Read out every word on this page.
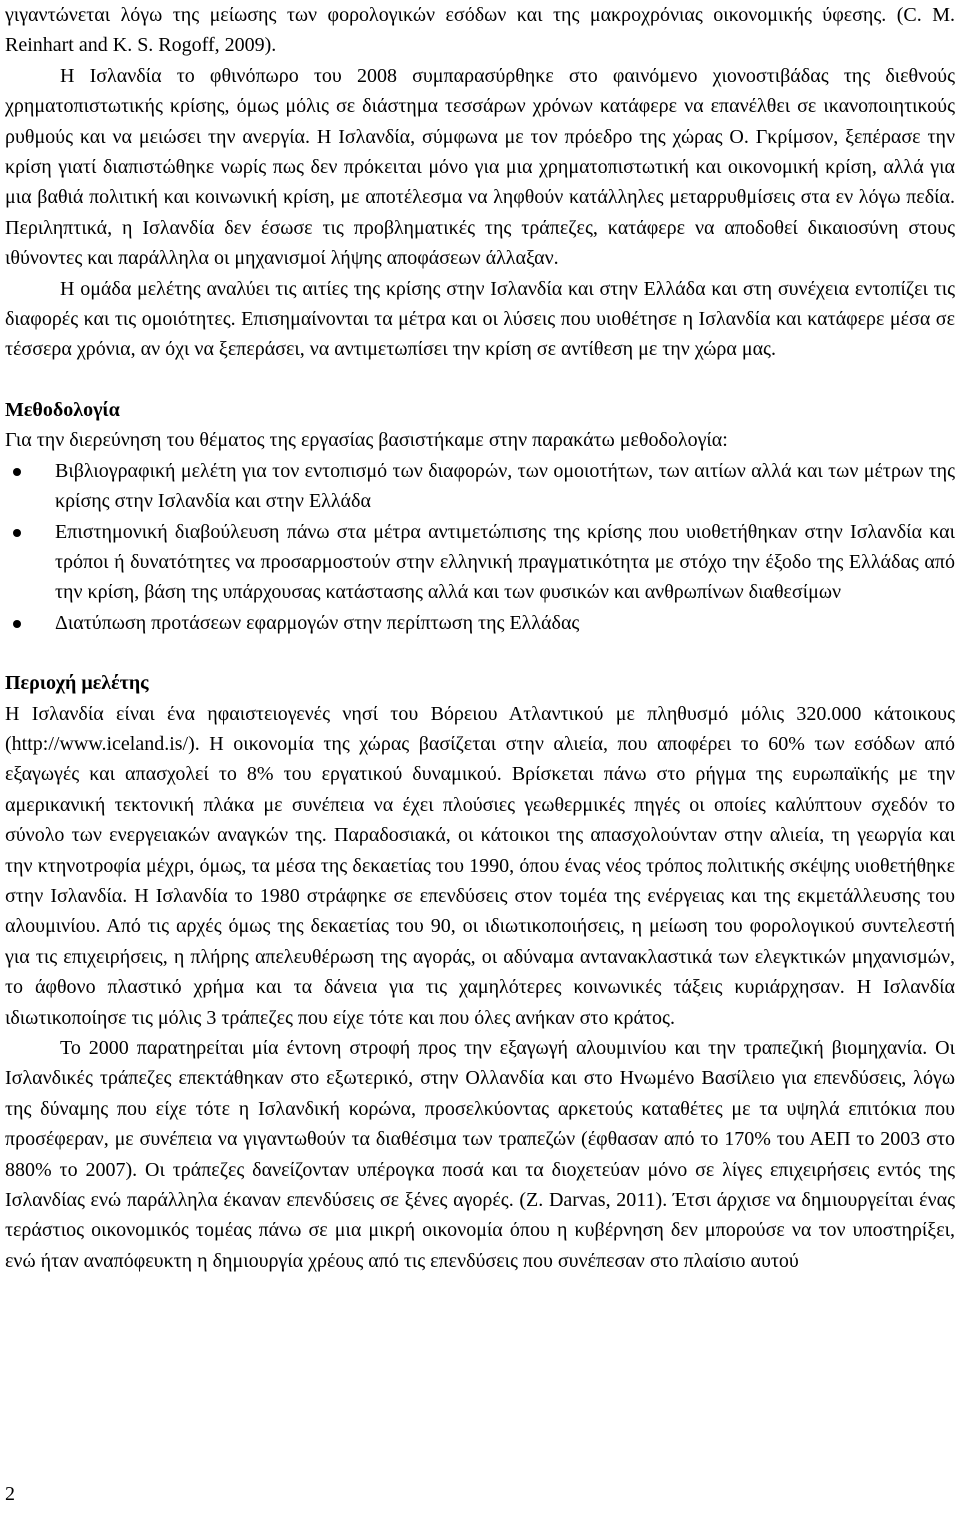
γιγαντώνεται λόγω της μείωσης των φορολογικών εσόδων και της μακροχρόνιας οικονομικής ύφεσης. (C. M. Reinhart and K. S. Rogoff, 2009).

Η Ισλανδία το φθινόπωρο του 2008 συμπαρασύρθηκε στο φαινόμενο χιονοστιβάδας της διεθνούς χρηματοπιστωτικής κρίσης, όμως μόλις σε διάστημα τεσσάρων χρόνων κατάφερε να επανέλθει σε ικανοποιητικούς ρυθμούς και να μειώσει την ανεργία. Η Ισλανδία, σύμφωνα με τον πρόεδρο της χώρας Ο. Γκρίμσον, ξεπέρασε την κρίση γιατί διαπιστώθηκε νωρίς πως δεν πρόκειται μόνο για μια χρηματοπιστωτική και οικονομική κρίση, αλλά για μια βαθιά πολιτική και κοινωνική κρίση, με αποτέλεσμα να ληφθούν κατάλληλες μεταρρυθμίσεις στα εν λόγω πεδία. Περιληπτικά, η Ισλανδία δεν έσωσε τις προβληματικές της τράπεζες, κατάφερε να αποδοθεί δικαιοσύνη στους ιθύνοντες και παράλληλα οι μηχανισμοί λήψης αποφάσεων άλλαξαν.

Η ομάδα μελέτης αναλύει τις αιτίες της κρίσης στην Ισλανδία και στην Ελλάδα και στη συνέχεια εντοπίζει τις διαφορές και τις ομοιότητες. Επισημαίνονται τα μέτρα και οι λύσεις που υιοθέτησε η Ισλανδία και κατάφερε μέσα σε τέσσερα χρόνια, αν όχι να ξεπεράσει, να αντιμετωπίσει την κρίση σε αντίθεση με την χώρα μας.

Μεθοδολογία

Για την διερεύνηση του θέματος της εργασίας βασιστήκαμε στην παρακάτω μεθοδολογία:

Βιβλιογραφική μελέτη για τον εντοπισμό των διαφορών, των ομοιοτήτων, των αιτίων αλλά και των μέτρων της κρίσης στην Ισλανδία και στην Ελλάδα
Επιστημονική διαβούλευση πάνω στα μέτρα αντιμετώπισης της κρίσης που υιοθετήθηκαν στην Ισλανδία και τρόποι ή δυνατότητες να προσαρμοστούν στην ελληνική πραγματικότητα με στόχο την έξοδο της Ελλάδας από την κρίση, βάση της υπάρχουσας κατάστασης αλλά και των φυσικών και ανθρωπίνων διαθεσίμων
Διατύπωση προτάσεων εφαρμογών στην περίπτωση της Ελλάδας
Περιοχή μελέτης

Η Ισλανδία είναι ένα ηφαιστειογενές νησί του Βόρειου Ατλαντικού με πληθυσμό μόλις 320.000 κάτοικους (http://www.iceland.is/). Η οικονομία της χώρας βασίζεται στην αλιεία, που αποφέρει το 60% των εσόδων από εξαγωγές και απασχολεί το 8% του εργατικού δυναμικού. Βρίσκεται πάνω στο ρήγμα της ευρωπαϊκής με την αμερικανική τεκτονική πλάκα με συνέπεια να έχει πλούσιες γεωθερμικές πηγές οι οποίες καλύπτουν σχεδόν το σύνολο των ενεργειακών αναγκών της. Παραδοσιακά, οι κάτοικοι της απασχολούνταν στην αλιεία, τη γεωργία και την κτηνοτροφία μέχρι, όμως, τα μέσα της δεκαετίας του 1990, όπου ένας νέος τρόπος πολιτικής σκέψης υιοθετήθηκε στην Ισλανδία. Η Ισλανδία το 1980 στράφηκε σε επενδύσεις στον τομέα της ενέργειας και της εκμετάλλευσης του αλουμινίου. Από τις αρχές όμως της δεκαετίας του 90, οι ιδιωτικοποιήσεις, η μείωση του φορολογικού συντελεστή για τις επιχειρήσεις, η πλήρης απελευθέρωση της αγοράς, οι αδύναμα αντανακλαστικά των ελεγκτικών μηχανισμών, το άφθονο πλαστικό χρήμα και τα δάνεια για τις χαμηλότερες κοινωνικές τάξεις κυριάρχησαν. Η Ισλανδία ιδιωτικοποίησε τις μόλις 3 τράπεζες που είχε τότε και που όλες ανήκαν στο κράτος.

Το 2000 παρατηρείται μία έντονη στροφή προς την εξαγωγή αλουμινίου και την τραπεζική βιομηχανία. Οι Ισλανδικές τράπεζες επεκτάθηκαν στο εξωτερικό, στην Ολλανδία και στο Ηνωμένο Βασίλειο για επενδύσεις, λόγω της δύναμης που είχε τότε η Ισλανδική κορώνα, προσελκύοντας αρκετούς καταθέτες με τα υψηλά επιτόκια που προσέφεραν, με συνέπεια να γιγαντωθούν τα διαθέσιμα των τραπεζών (έφθασαν από το 170% του ΑΕΠ το 2003 στο 880% το 2007). Οι τράπεζες δανείζονταν υπέρογκα ποσά και τα διοχετεύαν μόνο σε λίγες επιχειρήσεις εντός της Ισλανδίας ενώ παράλληλα έκαναν επενδύσεις σε ξένες αγορές. (Z. Darvas, 2011). Έτσι άρχισε να δημιουργείται ένας τεράστιος οικονομικός τομέας πάνω σε μια μικρή οικονομία όπου η κυβέρνηση δεν μπορούσε να τον υποστηρίξει, ενώ ήταν αναπόφευκτη η δημιουργία χρέους από τις επενδύσεις που συνέπεσαν στο πλαίσιο αυτού

2
